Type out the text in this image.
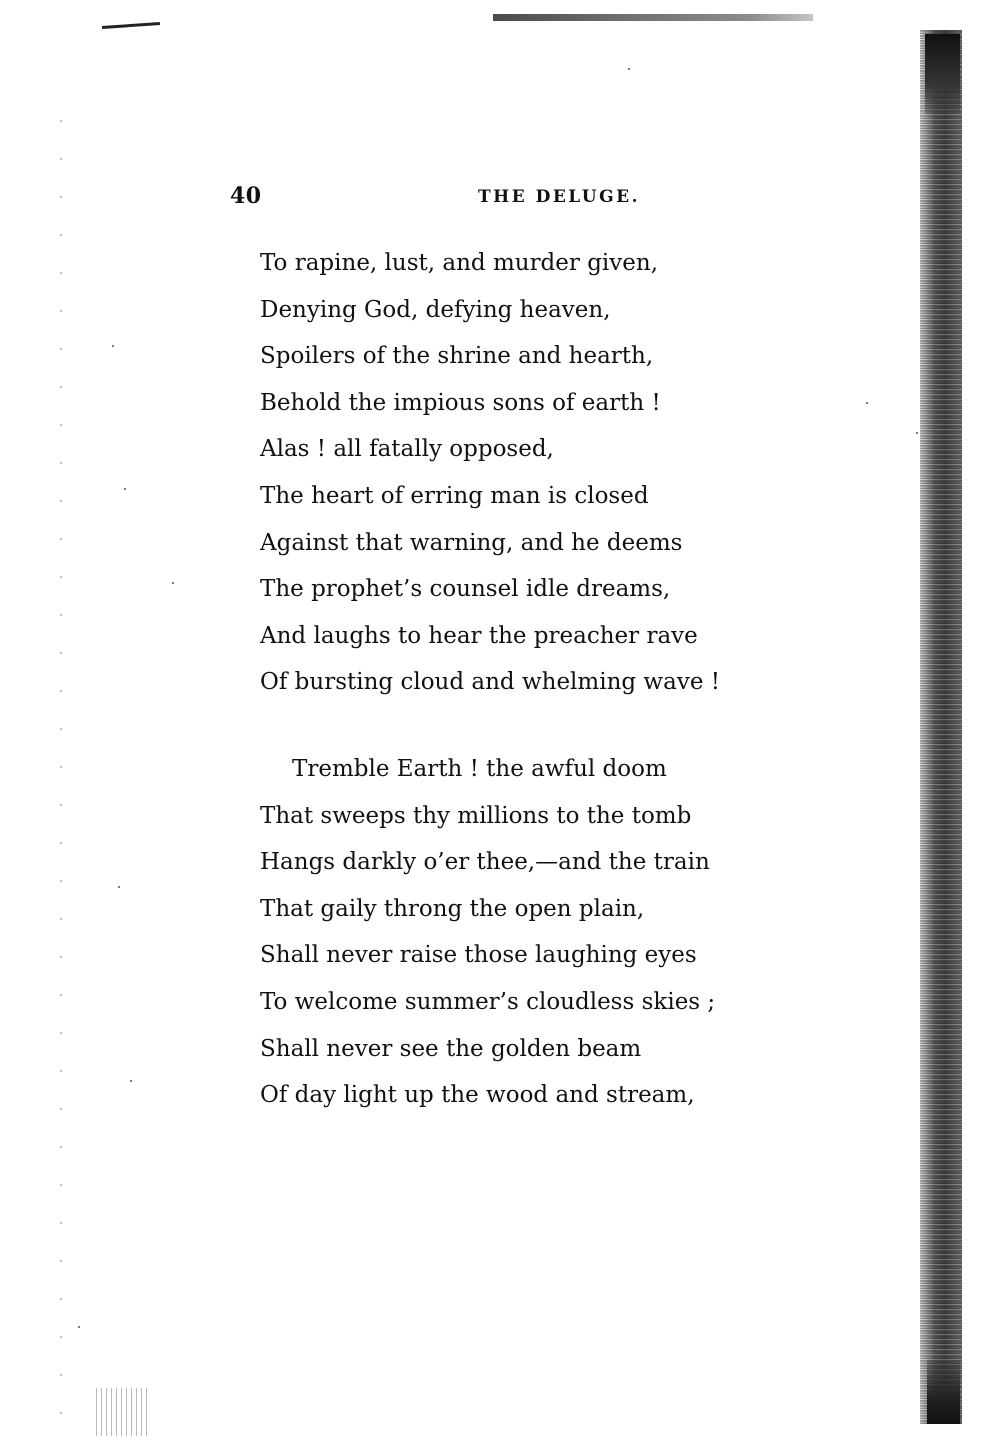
40	THE DELUGE.
To rapine, lust, and murder given,
Denying God, defying heaven,
Spoilers of the shrine and hearth,
Behold the impious sons of earth !
Alas ! all fatally opposed,
The heart of erring man is closed
Against that warning, and he deems
The prophet’s counsel idle dreams,
And laughs to hear the preacher rave
Of bursting cloud and whelming wave !
Tremble Earth ! the awful doom
That sweeps thy millions to the tomb
Hangs darkly o’er thee,—and the train
That gaily throng the open plain,
Shall never raise those laughing eyes
To welcome summer’s cloudless skies ;
Shall never see the golden beam
Of day light up the wood and stream,
